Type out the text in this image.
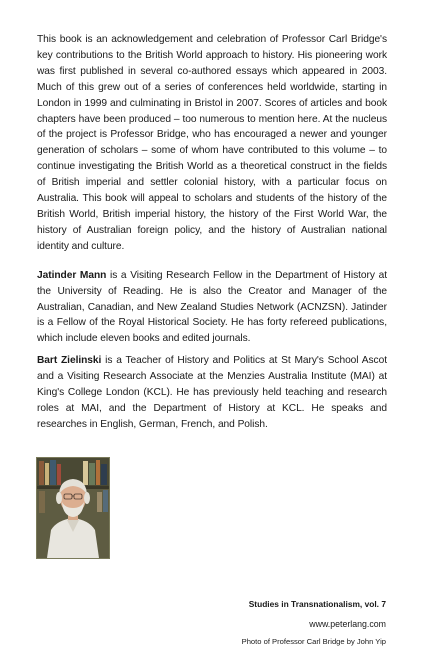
This book is an acknowledgement and celebration of Professor Carl Bridge's key contributions to the British World approach to history. His pioneering work was first published in several co-authored essays which appeared in 2003. Much of this grew out of a series of conferences held worldwide, starting in London in 1999 and culminating in Bristol in 2007. Scores of articles and book chapters have been produced – too numerous to mention here. At the nucleus of the project is Professor Bridge, who has encouraged a newer and younger generation of scholars – some of whom have contributed to this volume – to continue investigating the British World as a theoretical construct in the fields of British imperial and settler colonial history, with a particular focus on Australia. This book will appeal to scholars and students of the history of the British World, British imperial history, the history of the First World War, the history of Australian foreign policy, and the history of Australian national identity and culture.

Jatinder Mann is a Visiting Research Fellow in the Department of History at the University of Reading. He is also the Creator and Manager of the Australian, Canadian, and New Zealand Studies Network (ACNZSN). Jatinder is a Fellow of the Royal Historical Society. He has forty refereed publications, which include eleven books and edited journals.

Bart Zielinski is a Teacher of History and Politics at St Mary's School Ascot and a Visiting Research Associate at the Menzies Australia Institute (MAI) at King's College London (KCL). He has previously held teaching and research roles at MAI, and the Department of History at KCL. He speaks and researches in English, German, French, and Polish.

Studies in Transnationalism, vol. 7
www.peterlang.com
Photo of Professor Carl Bridge by John Yip
